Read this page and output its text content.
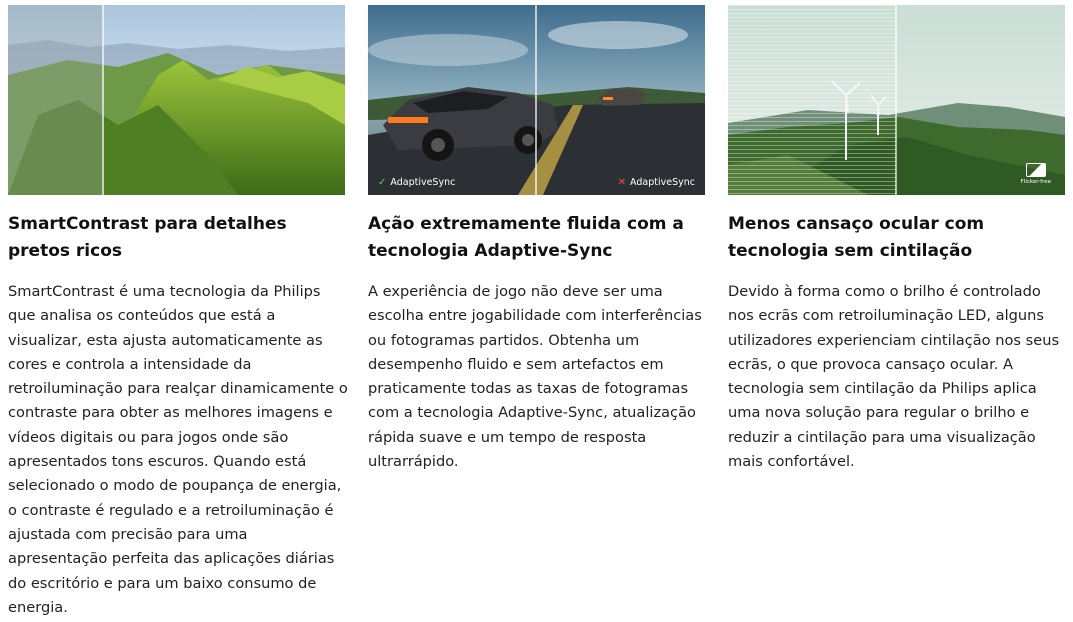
SmartContrast para detalhes pretos ricos

SmartContrast é uma tecnologia da Philips que analisa os conteúdos que está a visualizar, esta ajusta automaticamente as cores e controla a intensidade da retroiluminação para realçar dinamicamente o contraste para obter as melhores imagens e vídeos digitais ou para jogos onde são apresentados tons escuros. Quando está selecionado o modo de poupança de energia, o contraste é regulado e a retroiluminação é ajustada com precisão para uma apresentação perfeita das aplicações diárias do escritório e para um baixo consumo de energia.

✓ AdaptiveSync	✕ AdaptiveSync
Ação extremamente fluida com a tecnologia Adaptive-Sync

A experiência de jogo não deve ser uma escolha entre jogabilidade com interferências ou fotogramas partidos. Obtenha um desempenho fluido e sem artefactos em praticamente todas as taxas de fotogramas com a tecnologia Adaptive-Sync, atualização rápida suave e um tempo de resposta ultrarrápido.

Flicker-free
Menos cansaço ocular com tecnologia sem cintilação

Devido à forma como o brilho é controlado nos ecrãs com retroiluminação LED, alguns utilizadores experienciam cintilação nos seus ecrãs, o que provoca cansaço ocular. A tecnologia sem cintilação da Philips aplica uma nova solução para regular o brilho e reduzir a cintilação para uma visualização mais confortável.
